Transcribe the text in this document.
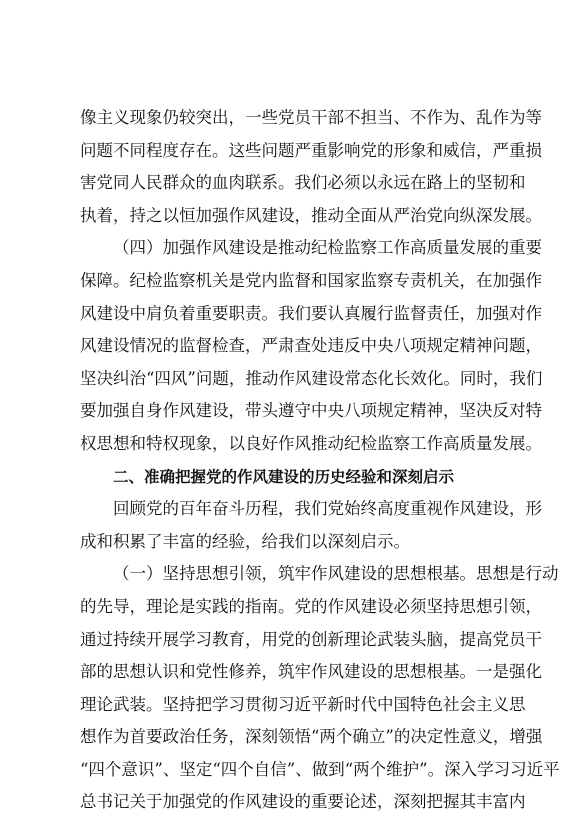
像主义现象仍较突出，一些党员干部不担当、不作为、乱作为等
问题不同程度存在。这些问题严重影响党的形象和威信，严重损
害党同人民群众的血肉联系。我们必须以永远在路上的坚韧和
执着，持之以恒加强作风建设，推动全面从严治党向纵深发展。
（四）加强作风建设是推动纪检监察工作高质量发展的重要
保障。纪检监察机关是党内监督和国家监察专责机关，在加强作
风建设中肩负着重要职责。我们要认真履行监督责任，加强对作
风建设情况的监督检查，严肃查处违反中央八项规定精神问题，
坚决纠治“四风”问题，推动作风建设常态化长效化。同时，我们
要加强自身作风建设，带头遵守中央八项规定精神，坚决反对特
权思想和特权现象，以良好作风推动纪检监察工作高质量发展。
二、准确把握党的作风建设的历史经验和深刻启示
回顾党的百年奋斗历程，我们党始终高度重视作风建设，形
成和积累了丰富的经验，给我们以深刻启示。
（一）坚持思想引领，筑牢作风建设的思想根基。思想是行动
的先导，理论是实践的指南。党的作风建设必须坚持思想引领，
通过持续开展学习教育，用党的创新理论武装头脑，提高党员干
部的思想认识和党性修养，筑牢作风建设的思想根基。一是强化
理论武装。坚持把学习贯彻习近平新时代中国特色社会主义思
想作为首要政治任务，深刻领悟“两个确立”的决定性意义，增强
“四个意识”、坚定“四个自信”、做到“两个维护”。深入学习习近平
总书记关于加强党的作风建设的重要论述，深刻把握其丰富内
